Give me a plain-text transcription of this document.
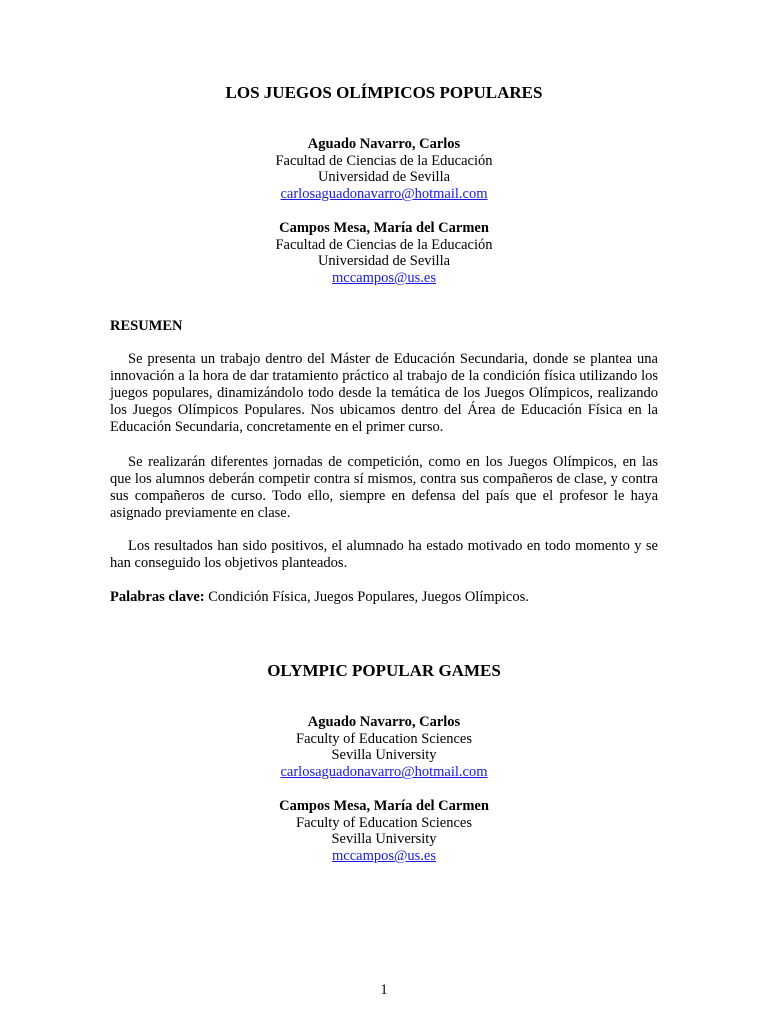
LOS JUEGOS OLÍMPICOS POPULARES
Aguado Navarro, Carlos
Facultad de Ciencias de la Educación
Universidad de Sevilla
carlosaguadonavarro@hotmail.com
Campos Mesa, María del Carmen
Facultad de Ciencias de la Educación
Universidad de Sevilla
mccampos@us.es
RESUMEN
Se presenta un trabajo dentro del Máster de Educación Secundaria, donde se plantea una innovación a la hora de dar tratamiento práctico al trabajo de la condición física utilizando los juegos populares, dinamizándolo todo desde la temática de los Juegos Olímpicos, realizando los Juegos Olímpicos Populares. Nos ubicamos dentro del Área de Educación Física en la Educación Secundaria, concretamente en el primer curso.
Se realizarán diferentes jornadas de competición, como en los Juegos Olímpicos, en las que los alumnos deberán competir contra sí mismos, contra sus compañeros de clase, y contra sus compañeros de curso. Todo ello, siempre en defensa del país que el profesor le haya asignado previamente en clase.
Los resultados han sido positivos, el alumnado ha estado motivado en todo momento y se han conseguido los objetivos planteados.
Palabras clave: Condición Física, Juegos Populares, Juegos Olímpicos.
OLYMPIC POPULAR GAMES
Aguado Navarro, Carlos
Faculty of Education Sciences
Sevilla University
carlosaguadonavarro@hotmail.com
Campos Mesa, María del Carmen
Faculty of Education Sciences
Sevilla University
mccampos@us.es
1
